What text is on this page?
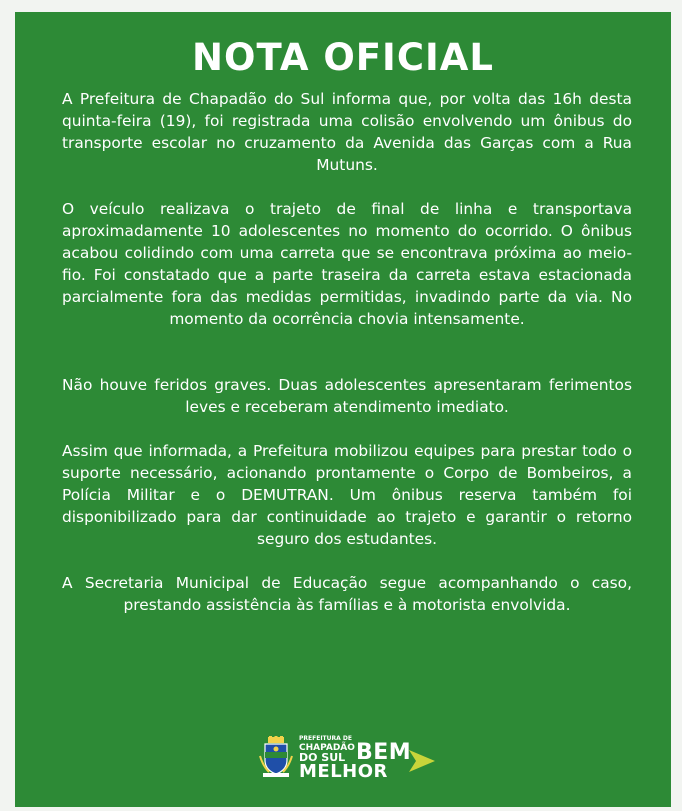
NOTA OFICIAL

A Prefeitura de Chapadão do Sul informa que, por volta das 16h desta quinta-feira (19), foi registrada uma colisão envolvendo um ônibus do transporte escolar no cruzamento da Avenida das Garças com a Rua Mutuns.

O veículo realizava o trajeto de final de linha e transportava aproximadamente 10 adolescentes no momento do ocorrido. O ônibus acabou colidindo com uma carreta que se encontrava próxima ao meio-fio. Foi constatado que a parte traseira da carreta estava estacionada parcialmente fora das medidas permitidas, invadindo parte da via. No momento da ocorrência chovia intensamente.

Não houve feridos graves. Duas adolescentes apresentaram ferimentos leves e receberam atendimento imediato.

Assim que informada, a Prefeitura mobilizou equipes para prestar todo o suporte necessário, acionando prontamente o Corpo de Bombeiros, a Polícia Militar e o DEMUTRAN. Um ônibus reserva também foi disponibilizado para dar continuidade ao trajeto e garantir o retorno seguro dos estudantes.

A Secretaria Municipal de Educação segue acompanhando o caso, prestando assistência às famílias e à motorista envolvida.

PREFEITURA DE
CHAPADÃO
DO SUL
MELHOR
BEM
